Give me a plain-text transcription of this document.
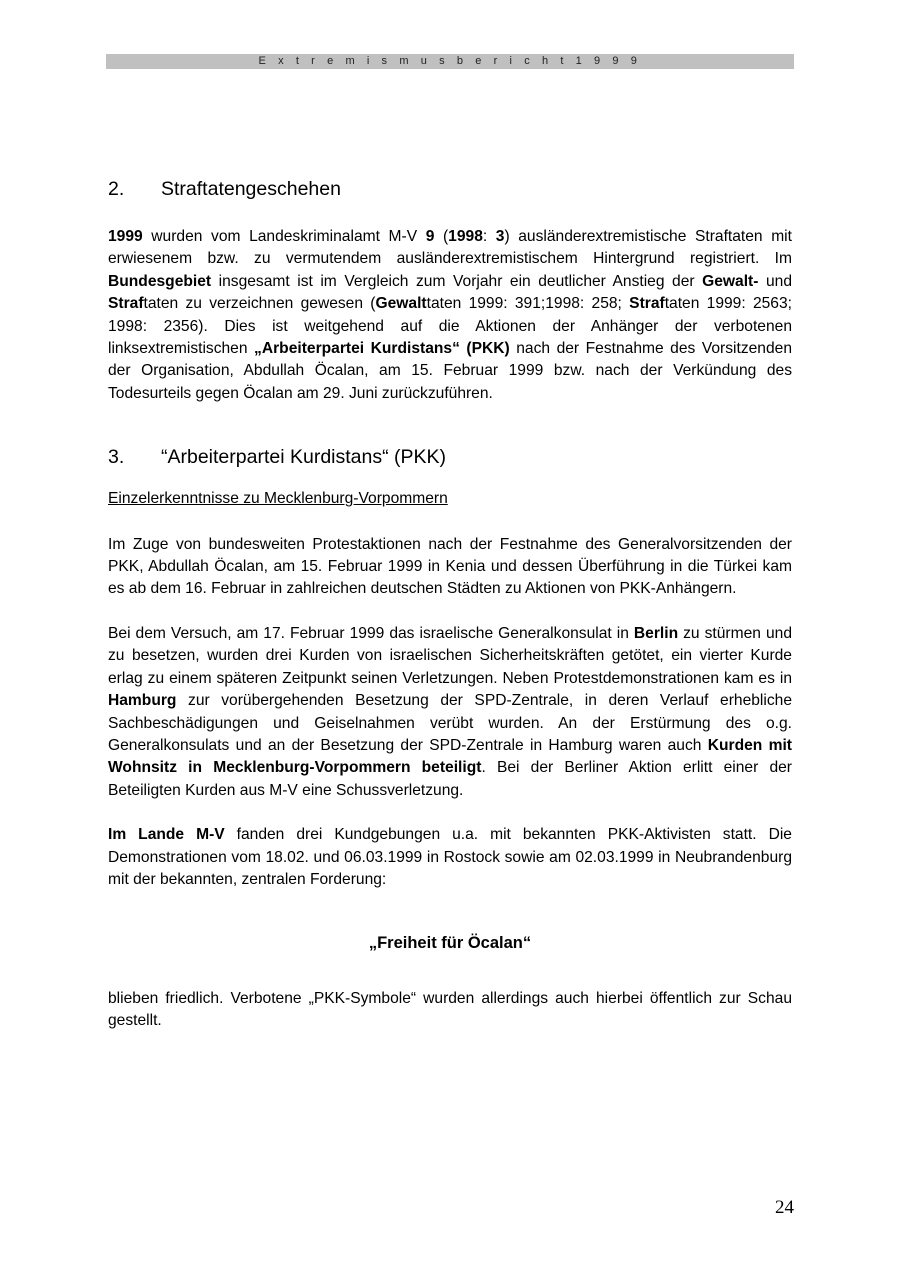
E x t r e m i s m u s b e r i c h t 1 9 9 9
2. Straftatengeschehen

1999 wurden vom Landeskriminalamt M-V 9 (1998: 3) ausländerextremistische Straftaten mit erwiesenem bzw. zu vermutendem ausländerextremistischem Hintergrund registriert. Im Bundesgebiet insgesamt ist im Vergleich zum Vorjahr ein deutlicher Anstieg der Gewalt- und Straftaten zu verzeichnen gewesen (Gewalttaten 1999: 391;1998: 258; Straftaten 1999: 2563; 1998: 2356). Dies ist weitgehend auf die Aktionen der Anhänger der verbotenen linksextremistischen „Arbeiterpartei Kurdistans“ (PKK) nach der Festnahme des Vorsitzenden der Organisation, Abdullah Öcalan, am 15. Februar 1999 bzw. nach der Verkündung des Todesurteils gegen Öcalan am 29. Juni zurückzuführen.

3. “Arbeiterpartei Kurdistans“ (PKK)

Einzelerkenntnisse zu Mecklenburg-Vorpommern

Im Zuge von bundesweiten Protestaktionen nach der Festnahme des Generalvorsitzenden der PKK, Abdullah Öcalan, am 15. Februar 1999 in Kenia und dessen Überführung in die Türkei kam es ab dem 16. Februar in zahlreichen deutschen Städten zu Aktionen von PKK-Anhängern.

Bei dem Versuch, am 17. Februar 1999 das israelische Generalkonsulat in Berlin zu stürmen und zu besetzen, wurden drei Kurden von israelischen Sicherheitskräften getötet, ein vierter Kurde erlag zu einem späteren Zeitpunkt seinen Verletzungen. Neben Protestdemonstrationen kam es in Hamburg zur vorübergehenden Besetzung der SPD-Zentrale, in deren Verlauf erhebliche Sachbeschädigungen und Geiselnahmen verübt wurden. An der Erstürmung des o.g. Generalkonsulats und an der Besetzung der SPD-Zentrale in Hamburg waren auch Kurden mit Wohnsitz in Mecklenburg-Vorpommern beteiligt. Bei der Berliner Aktion erlitt einer der Beteiligten Kurden aus M-V eine Schussverletzung.

Im Lande M-V fanden drei Kundgebungen u.a. mit bekannten PKK-Aktivisten statt. Die Demonstrationen vom 18.02. und 06.03.1999 in Rostock sowie am 02.03.1999 in Neubrandenburg mit der bekannten, zentralen Forderung:

„Freiheit für Öcalan“

blieben friedlich. Verbotene „PKK-Symbole“ wurden allerdings auch hierbei öffentlich zur Schau gestellt.

24
